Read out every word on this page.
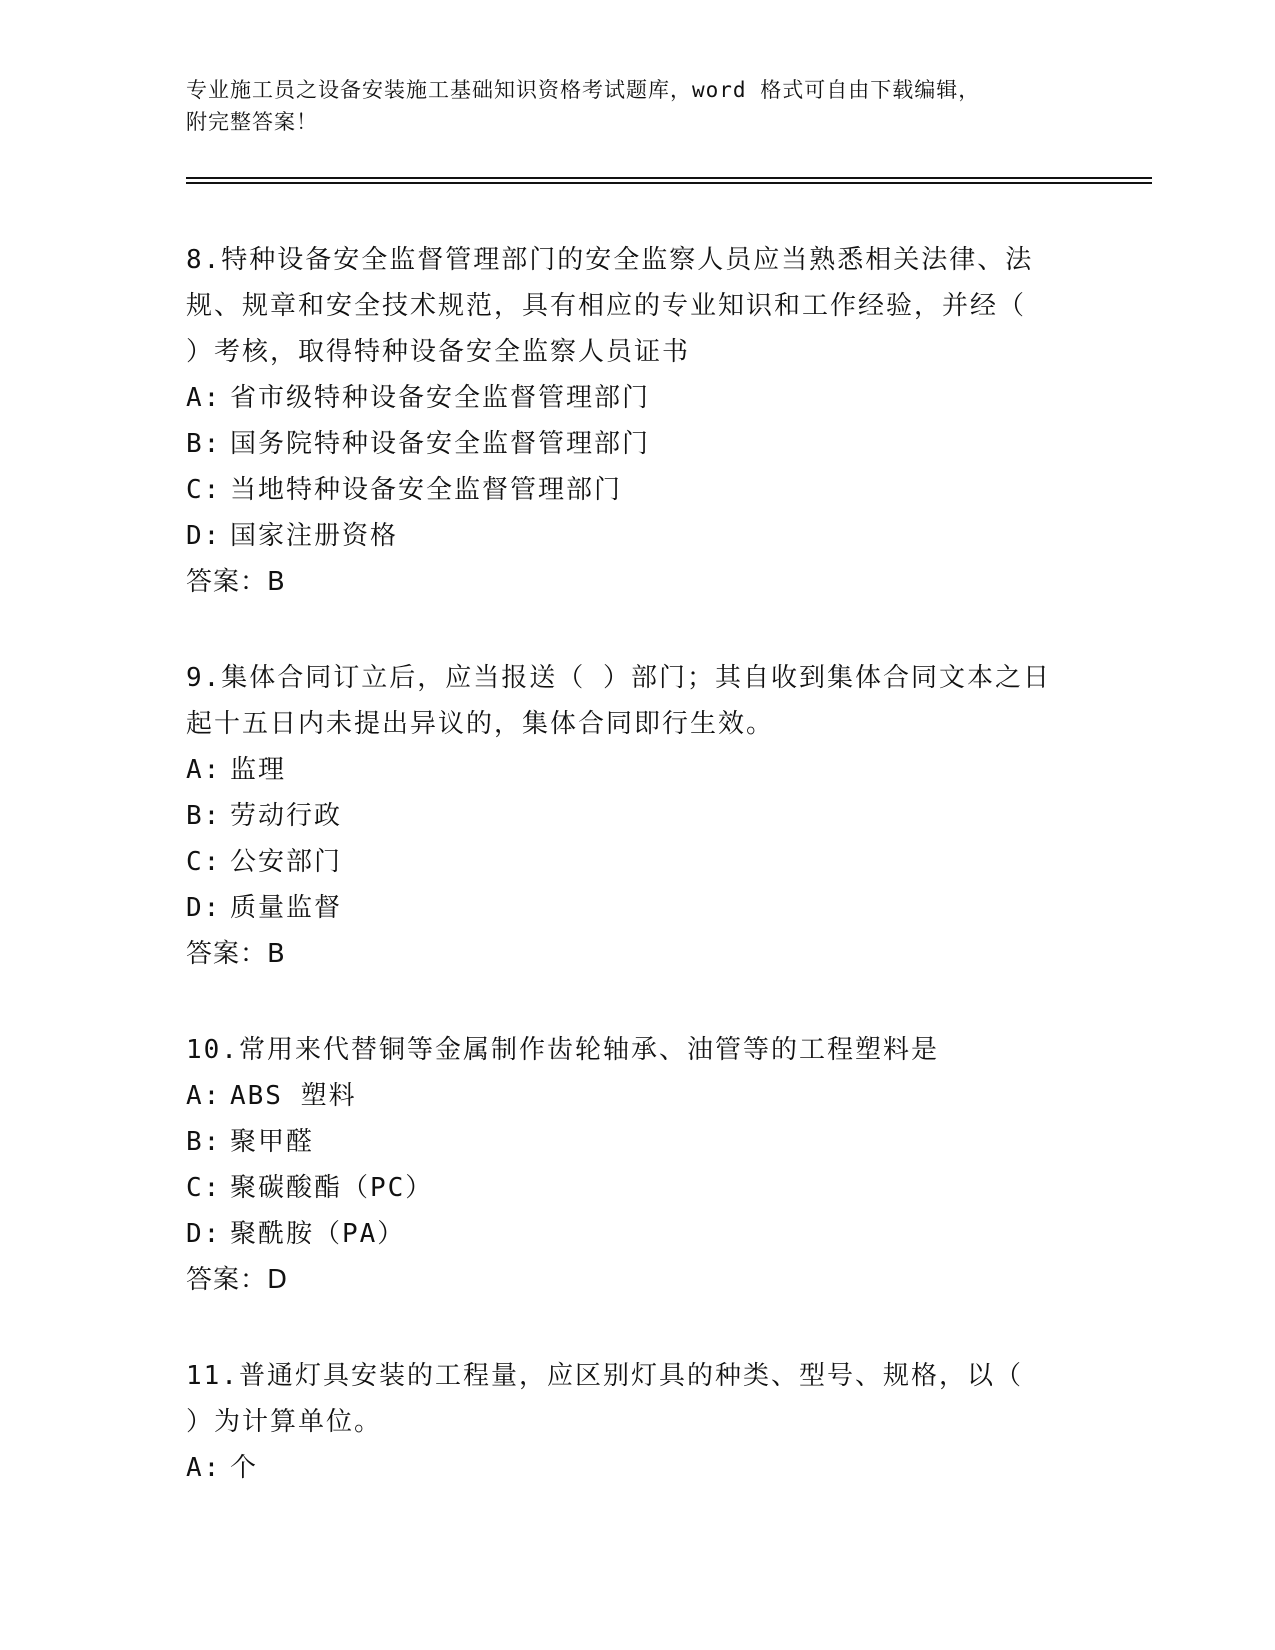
专业施工员之设备安装施工基础知识资格考试题库，word 格式可自由下载编辑，
附完整答案！
8.特种设备安全监督管理部门的安全监察人员应当熟悉相关法律、法
规、规章和安全技术规范，具有相应的专业知识和工作经验，并经（
）考核，取得特种设备安全监察人员证书
A: 省市级特种设备安全监督管理部门
B: 国务院特种设备安全监督管理部门
C: 当地特种设备安全监督管理部门
D: 国家注册资格
答案：B
9.集体合同订立后，应当报送（ ）部门；其自收到集体合同文本之日
起十五日内未提出异议的，集体合同即行生效。
A: 监理
B: 劳动行政
C: 公安部门
D: 质量监督
答案：B
10.常用来代替铜等金属制作齿轮轴承、油管等的工程塑料是
A: ABS 塑料
B: 聚甲醛
C: 聚碳酸酯（PC）
D: 聚酰胺（PA）
答案：D
11.普通灯具安装的工程量，应区别灯具的种类、型号、规格，以（
）为计算单位。
A: 个
